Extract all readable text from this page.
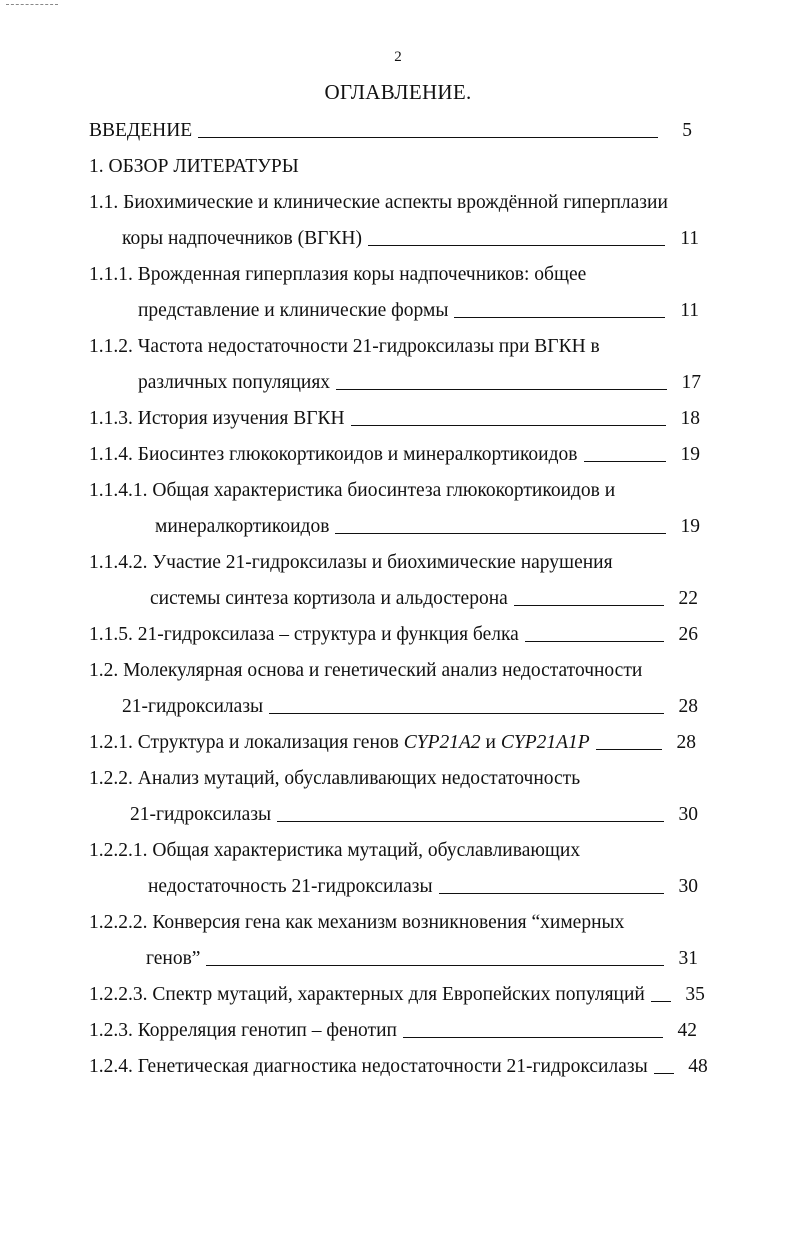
2
ОГЛАВЛЕНИЕ.
ВВЕДЕНИЕ	5
1. ОБЗОР ЛИТЕРАТУРЫ
1.1. Биохимические и клинические аспекты врождённой гиперплазии
коры надпочечников (ВГКН)	11
1.1.1. Врожденная гиперплазия коры надпочечников: общее
представление и клинические формы	11
1.1.2. Частота недостаточности 21-гидроксилазы при ВГКН в
различных популяциях	17
1.1.3. История изучения ВГКН	18
1.1.4. Биосинтез глюкокортикоидов и минералкортикоидов	19
1.1.4.1. Общая характеристика биосинтеза глюкокортикоидов и
минералкортикоидов	19
1.1.4.2. Участие 21-гидроксилазы и биохимические нарушения
системы синтеза кортизола и альдостерона	22
1.1.5. 21-гидроксилаза – структура и функция белка	26
1.2. Молекулярная основа и генетический анализ недостаточности
21-гидроксилазы	28
1.2.1. Структура и локализация генов CYP21A2 и CYP21A1P	28
1.2.2. Анализ мутаций, обуславливающих недостаточность
21-гидроксилазы	30
1.2.2.1. Общая характеристика мутаций, обуславливающих
недостаточность 21-гидроксилазы	30
1.2.2.2. Конверсия гена как механизм возникновения “химерных
генов”	31
1.2.2.3. Спектр мутаций, характерных для Европейских популяций	35
1.2.3. Корреляция генотип – фенотип	42
1.2.4. Генетическая диагностика недостаточности 21-гидроксилазы	48
